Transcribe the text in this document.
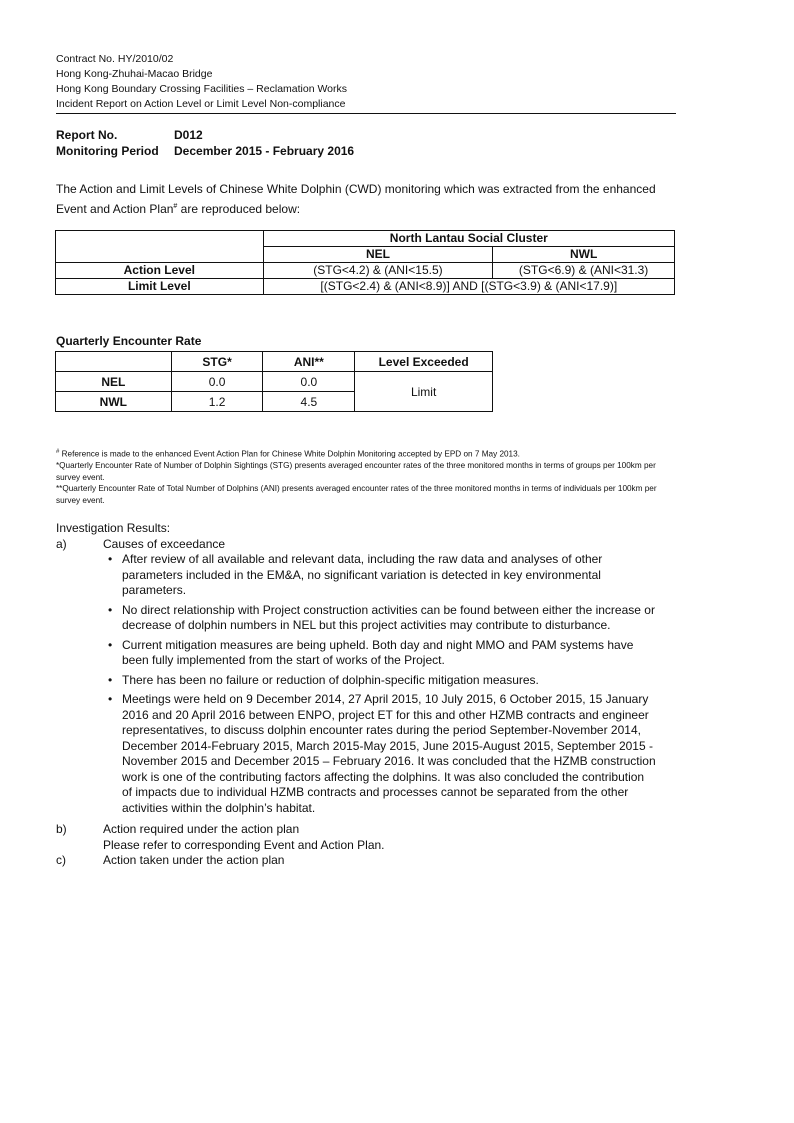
Contract No. HY/2010/02
Hong Kong-Zhuhai-Macao Bridge
Hong Kong Boundary Crossing Facilities – Reclamation Works
Incident Report on Action Level or Limit Level Non-compliance
Report No.	D012
Monitoring Period December 2015 - February 2016
The Action and Limit Levels of Chinese White Dolphin (CWD) monitoring which was extracted from the enhanced Event and Action Plan# are reproduced below:
	North Lantau Social Cluster	
	NEL	NWL
Action Level	(STG<4.2) & (ANI<15.5)	(STG<6.9) & (ANI<31.3)
Limit Level	[(STG<2.4) & (ANI<8.9)] AND [(STG<3.9) & (ANI<17.9)]	
Quarterly Encounter Rate
	STG*	ANI**	Level Exceeded
NEL	0.0	0.0	Limit
NWL	1.2	4.5	
# Reference is made to the enhanced Event Action Plan for Chinese White Dolphin Monitoring accepted by EPD on 7 May 2013.
*Quarterly Encounter Rate of Number of Dolphin Sightings (STG) presents averaged encounter rates of the three monitored months in terms of groups per 100km per survey event.
**Quarterly Encounter Rate of Total Number of Dolphins (ANI) presents averaged encounter rates of the three monitored months in terms of individuals per 100km per survey event.
Investigation Results:
a)	Causes of exceedance
• After review of all available and relevant data, including the raw data and analyses of other parameters included in the EM&A, no significant variation is detected in key environmental parameters.
• No direct relationship with Project construction activities can be found between either the increase or decrease of dolphin numbers in NEL but this project activities may contribute to disturbance.
• Current mitigation measures are being upheld. Both day and night MMO and PAM systems have been fully implemented from the start of works of the Project.
• There has been no failure or reduction of dolphin-specific mitigation measures.
• Meetings were held on 9 December 2014, 27 April 2015, 10 July 2015, 6 October 2015, 15 January 2016 and 20 April 2016 between ENPO, project ET for this and other HZMB contracts and engineer representatives, to discuss dolphin encounter rates during the period September-November 2014, December 2014-February 2015, March 2015-May 2015, June 2015-August 2015, September 2015 - November 2015 and December 2015 – February 2016. It was concluded that the HZMB construction work is one of the contributing factors affecting the dolphins. It was also concluded the contribution of impacts due to individual HZMB contracts and processes cannot be separated from the other activities within the dolphin’s habitat.
b)	Action required under the action plan
Please refer to corresponding Event and Action Plan.
c)	Action taken under the action plan
